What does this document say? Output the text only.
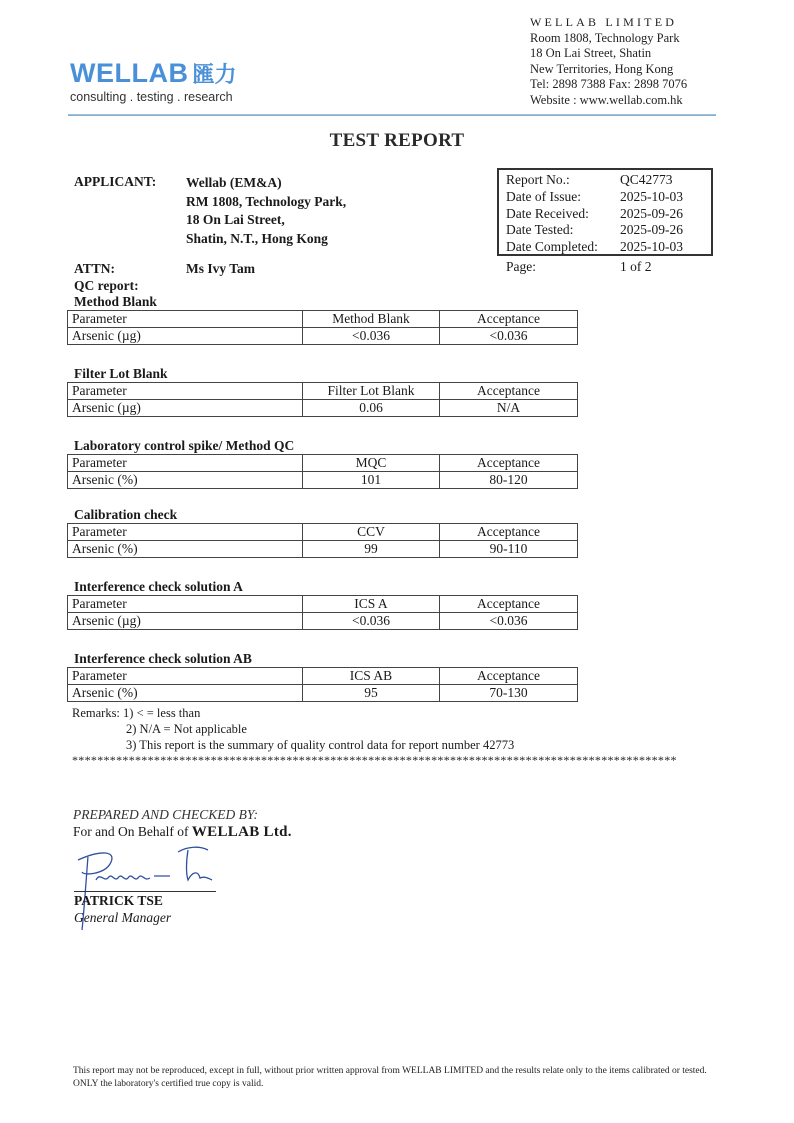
WELLAB 匯力
consulting . testing . research
WELLAB LIMITED
Room 1808, Technology Park
18 On Lai Street, Shatin
New Territories, Hong Kong
Tel: 2898 7388 Fax: 2898 7076
Website : www.wellab.com.hk
TEST REPORT
APPLICANT: Wellab (EM&A)
RM 1808, Technology Park,
18 On Lai Street,
Shatin, N.T., Hong Kong
ATTN:	Ms Ivy Tam
QC report:
Report No.:	QC42773
Date of Issue:	2025-10-03
Date Received:	2025-09-26
Date Tested:	2025-09-26
Date Completed:	2025-10-03
Page:	1 of 2
Method Blank
Parameter	Method Blank	Acceptance
Arsenic (µg)	<0.036	<0.036
Filter Lot Blank
Parameter	Filter Lot Blank	Acceptance
Arsenic (µg)	0.06	N/A
Laboratory control spike/ Method QC
Parameter	MQC	Acceptance
Arsenic (%)	101	80-120
Calibration check
Parameter	CCV	Acceptance
Arsenic (%)	99	90-110
Interference check solution A
Parameter	ICS A	Acceptance
Arsenic (µg)	<0.036	<0.036
Interference check solution AB
Parameter	ICS AB	Acceptance
Arsenic (%)	95	70-130
Remarks: 1) < = less than
2) N/A = Not applicable
3) This report is the summary of quality control data for report number 42773
************************************************************************************************
PREPARED AND CHECKED BY:
For and On Behalf of WELLAB Ltd.
PATRICK TSE
General Manager
This report may not be reproduced, except in full, without prior written approval from WELLAB LIMITED and the results relate only to the items calibrated or tested. ONLY the laboratory's certified true copy is valid.
